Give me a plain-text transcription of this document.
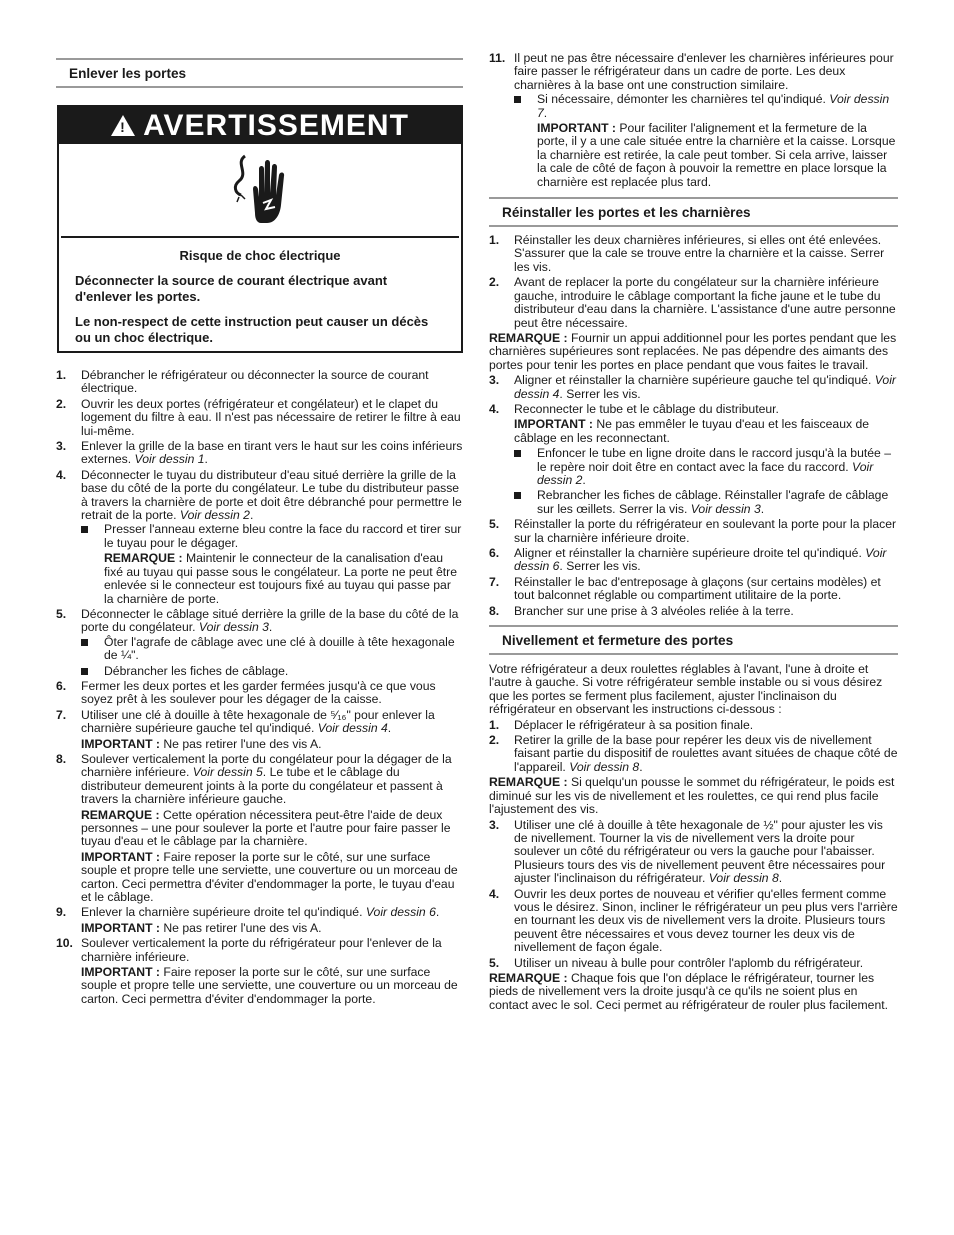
Enlever les portes
! AVERTISSEMENT
Risque de choc électrique

Déconnecter la source de courant électrique avant d'enlever les portes.

Le non-respect de cette instruction peut causer un décès ou un choc électrique.

1. Débrancher le réfrigérateur ou déconnecter la source de courant électrique.
2. Ouvrir les deux portes (réfrigérateur et congélateur) et le clapet du logement du filtre à eau. Il n'est pas nécessaire de retirer le filtre à eau lui-même.
3. Enlever la grille de la base en tirant vers le haut sur les coins inférieurs externes. Voir dessin 1.
4. Déconnecter le tuyau du distributeur d'eau situé derrière la grille de la base du côté de la porte du congélateur. Le tube du distributeur passe à travers la charnière de porte et doit être débranché pour permettre le retrait de la porte. Voir dessin 2.
Presser l'anneau externe bleu contre la face du raccord et tirer sur le tuyau pour le dégager.
REMARQUE : Maintenir le connecteur de la canalisation d'eau fixé au tuyau qui passe sous le congélateur. La porte ne peut être enlevée si le connecteur est toujours fixé au tuyau qui passe par la charnière de porte.
5. Déconnecter le câblage situé derrière la grille de la base du côté de la porte du congélateur. Voir dessin 3.
Ôter l'agrafe de câblage avec une clé à douille à tête hexagonale de ¼".
Débrancher les fiches de câblage.
6. Fermer les deux portes et les garder fermées jusqu'à ce que vous soyez prêt à les soulever pour les dégager de la caisse.
7. Utiliser une clé à douille à tête hexagonale de ⁵⁄₁₆" pour enlever la charnière supérieure gauche tel qu'indiqué. Voir dessin 4.
IMPORTANT : Ne pas retirer l'une des vis A.
8. Soulever verticalement la porte du congélateur pour la dégager de la charnière inférieure. Voir dessin 5. Le tube et le câblage du distributeur demeurent joints à la porte du congélateur et passent à travers la charnière inférieure gauche.
REMARQUE : Cette opération nécessitera peut-être l'aide de deux personnes – une pour soulever la porte et l'autre pour faire passer le tuyau d'eau et le câblage par la charnière.
IMPORTANT : Faire reposer la porte sur le côté, sur une surface souple et propre telle une serviette, une couverture ou un morceau de carton. Ceci permettra d'éviter d'endommager la porte, le tuyau d'eau et le câblage.
9. Enlever la charnière supérieure droite tel qu'indiqué. Voir dessin 6.
IMPORTANT : Ne pas retirer l'une des vis A.
10. Soulever verticalement la porte du réfrigérateur pour l'enlever de la charnière inférieure.
IMPORTANT : Faire reposer la porte sur le côté, sur une surface souple et propre telle une serviette, une couverture ou un morceau de carton. Ceci permettra d'éviter d'endommager la porte.
11. Il peut ne pas être nécessaire d'enlever les charnières inférieures pour faire passer le réfrigérateur dans un cadre de porte. Les deux charnières à la base ont une construction similaire.
Si nécessaire, démonter les charnières tel qu'indiqué. Voir dessin 7.
IMPORTANT : Pour faciliter l'alignement et la fermeture de la porte, il y a une cale située entre la charnière et la caisse. Lorsque la charnière est retirée, la cale peut tomber. Si cela arrive, laisser la cale de côté de façon à pouvoir la remettre en place lorsque la charnière est replacée plus tard.
Réinstaller les portes et les charnières
1. Réinstaller les deux charnières inférieures, si elles ont été enlevées. S'assurer que la cale se trouve entre la charnière et la caisse. Serrer les vis.
2. Avant de replacer la porte du congélateur sur la charnière inférieure gauche, introduire le câblage comportant la fiche jaune et le tube du distributeur d'eau dans la charnière. L'assistance d'une autre personne peut être nécessaire.
REMARQUE : Fournir un appui additionnel pour les portes pendant que les charnières supérieures sont replacées. Ne pas dépendre des aimants des portes pour tenir les portes en place pendant que vous faites le travail.
3. Aligner et réinstaller la charnière supérieure gauche tel qu'indiqué. Voir dessin 4. Serrer les vis.
4. Reconnecter le tube et le câblage du distributeur.
IMPORTANT : Ne pas emmêler le tuyau d'eau et les faisceaux de câblage en les reconnectant.
Enfoncer le tube en ligne droite dans le raccord jusqu'à la butée – le repère noir doit être en contact avec la face du raccord. Voir dessin 2.
Rebrancher les fiches de câblage. Réinstaller l'agrafe de câblage sur les œillets. Serrer la vis. Voir dessin 3.
5. Réinstaller la porte du réfrigérateur en soulevant la porte pour la placer sur la charnière inférieure droite.
6. Aligner et réinstaller la charnière supérieure droite tel qu'indiqué. Voir dessin 6. Serrer les vis.
7. Réinstaller le bac d'entreposage à glaçons (sur certains modèles) et tout balconnet réglable ou compartiment utilitaire de la porte.
8. Brancher sur une prise à 3 alvéoles reliée à la terre.
Nivellement et fermeture des portes
Votre réfrigérateur a deux roulettes réglables à l'avant, l'une à droite et l'autre à gauche. Si votre réfrigérateur semble instable ou si vous désirez que les portes se ferment plus facilement, ajuster l'inclinaison du réfrigérateur en observant les instructions ci-dessous :
1. Déplacer le réfrigérateur à sa position finale.
2. Retirer la grille de la base pour repérer les deux vis de nivellement faisant partie du dispositif de roulettes avant situées de chaque côté de l'appareil. Voir dessin 8.
REMARQUE : Si quelqu'un pousse le sommet du réfrigérateur, le poids est diminué sur les vis de nivellement et les roulettes, ce qui rend plus facile l'ajustement des vis.
3. Utiliser une clé à douille à tête hexagonale de ½" pour ajuster les vis de nivellement. Tourner la vis de nivellement vers la droite pour soulever un côté du réfrigérateur ou vers la gauche pour l'abaisser. Plusieurs tours des vis de nivellement peuvent être nécessaires pour ajuster l'inclinaison du réfrigérateur. Voir dessin 8.
4. Ouvrir les deux portes de nouveau et vérifier qu'elles ferment comme vous le désirez. Sinon, incliner le réfrigérateur un peu plus vers l'arrière en tournant les deux vis de nivellement vers la droite. Plusieurs tours peuvent être nécessaires et vous devez tourner les deux vis de nivellement de façon égale.
5. Utiliser un niveau à bulle pour contrôler l'aplomb du réfrigérateur.
REMARQUE : Chaque fois que l'on déplace le réfrigérateur, tourner les pieds de nivellement vers la droite jusqu'à ce qu'ils ne soient plus en contact avec le sol. Ceci permet au réfrigérateur de rouler plus facilement.
